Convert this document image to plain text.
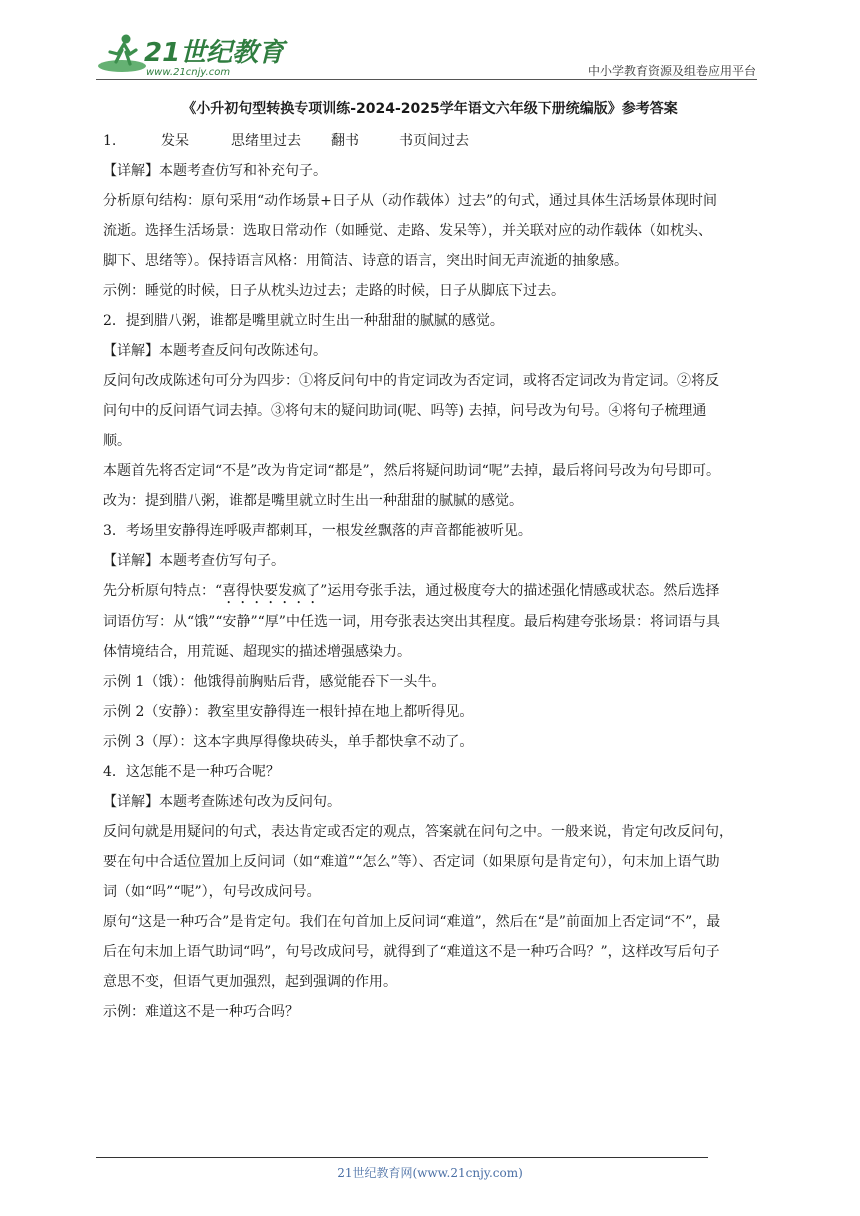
21世纪教育
www.21cnjy.com	中小学教育资源及组卷应用平台
《小升初句型转换专项训练-2024-2025学年语文六年级下册统编版》参考答案
1.	发呆	思绪里过去 翻书	书页间过去
【详解】本题考查仿写和补充句子。
分析原句结构：原句采用“动作场景+日子从（动作载体）过去”的句式，通过具体生活场景体现时间
流逝。选择生活场景：选取日常动作（如睡觉、走路、发呆等），并关联对应的动作载体（如枕头、
脚下、思绪等）。保持语言风格：用简洁、诗意的语言，突出时间无声流逝的抽象感。
示例：睡觉的时候，日子从枕头边过去；走路的时候，日子从脚底下过去。
2．提到腊八粥，谁都是嘴里就立时生出一种甜甜的腻腻的感觉。
【详解】本题考查反问句改陈述句。
反问句改成陈述句可分为四步：①将反问句中的肯定词改为否定词，或将否定词改为肯定词。②将反
问句中的反问语气词去掉。③将句末的疑问助词(呢、吗等) 去掉，问号改为句号。④将句子梳理通
顺。
本题首先将否定词“不是”改为肯定词“都是”，然后将疑问助词“呢”去掉，最后将问号改为句号即可。
改为：提到腊八粥，谁都是嘴里就立时生出一种甜甜的腻腻的感觉。
3．考场里安静得连呼吸声都刺耳，一根发丝飘落的声音都能被听见。
【详解】本题考查仿写句子。
先分析原句特点：“喜得快要发疯了”运用夸张手法，通过极度夸大的描述强化情感或状态。然后选择
词语仿写：从“饿”“安静”“厚”中任选一词，用夸张表达突出其程度。最后构建夸张场景：将词语与具
体情境结合，用荒诞、超现实的描述增强感染力。
示例 1（饿）：他饿得前胸贴后背，感觉能吞下一头牛。
示例 2（安静）：教室里安静得连一根针掉在地上都听得见。
示例 3（厚）：这本字典厚得像块砖头，单手都快拿不动了。
4．这怎能不是一种巧合呢？
【详解】本题考查陈述句改为反问句。
反问句就是用疑问的句式，表达肯定或否定的观点，答案就在问句之中。一般来说，肯定句改反问句，
要在句中合适位置加上反问词（如“难道”“怎么”等）、否定词（如果原句是肯定句），句末加上语气助
词（如“吗”“呢”），句号改成问号。
原句“这是一种巧合”是肯定句。我们在句首加上反问词“难道”，然后在“是”前面加上否定词“不”，最
后在句末加上语气助词“吗”，句号改成问号，就得到了“难道这不是一种巧合吗？”，这样改写后句子
意思不变，但语气更加强烈，起到强调的作用。
示例：难道这不是一种巧合吗？
21世纪教育网(www.21cnjy.com)
